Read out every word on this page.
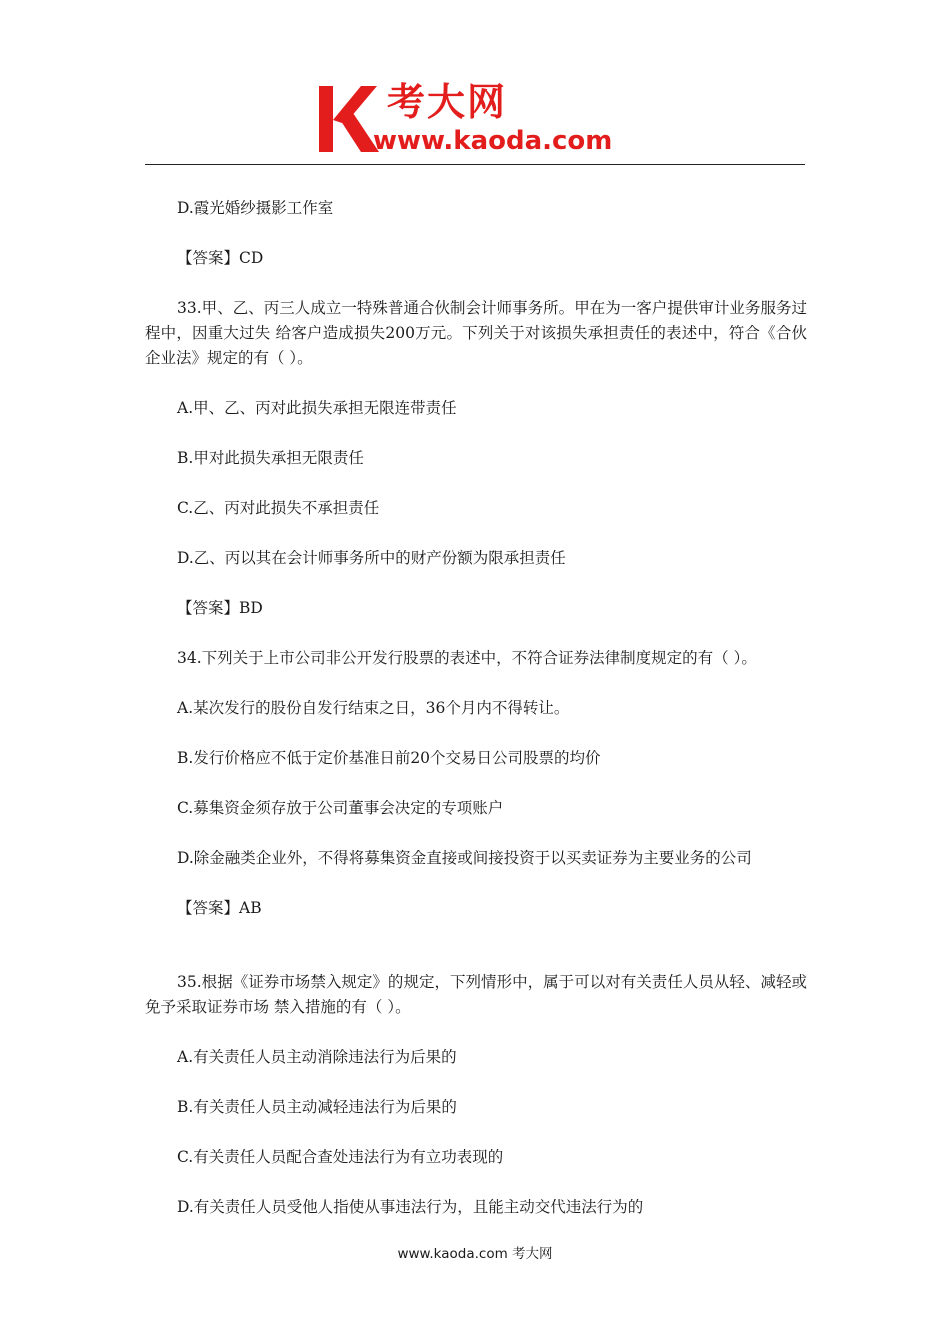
考大网
www.kaoda.com

D.霞光婚纱摄影工作室

【答案】CD

33.甲、乙、丙三人成立一特殊普通合伙制会计师事务所。甲在为一客户提供审计业务服务过程中，因重大过失 给客户造成损失200万元。下列关于对该损失承担责任的表述中，符合《合伙企业法》规定的有（ ）。

A.甲、乙、丙对此损失承担无限连带责任

B.甲对此损失承担无限责任

C.乙、丙对此损失不承担责任

D.乙、丙以其在会计师事务所中的财产份额为限承担责任

【答案】BD

34.下列关于上市公司非公开发行股票的表述中，不符合证券法律制度规定的有（ ）。

A.某次发行的股份自发行结束之日，36个月内不得转让。

B.发行价格应不低于定价基准日前20个交易日公司股票的均价

C.募集资金须存放于公司董事会决定的专项账户

D.除金融类企业外，不得将募集资金直接或间接投资于以买卖证券为主要业务的公司

【答案】AB

35.根据《证券市场禁入规定》的规定，下列情形中，属于可以对有关责任人员从轻、减轻或免予采取证券市场 禁入措施的有（ ）。

A.有关责任人员主动消除违法行为后果的

B.有关责任人员主动减轻违法行为后果的

C.有关责任人员配合查处违法行为有立功表现的

D.有关责任人员受他人指使从事违法行为，且能主动交代违法行为的

www.kaoda.com 考大网
